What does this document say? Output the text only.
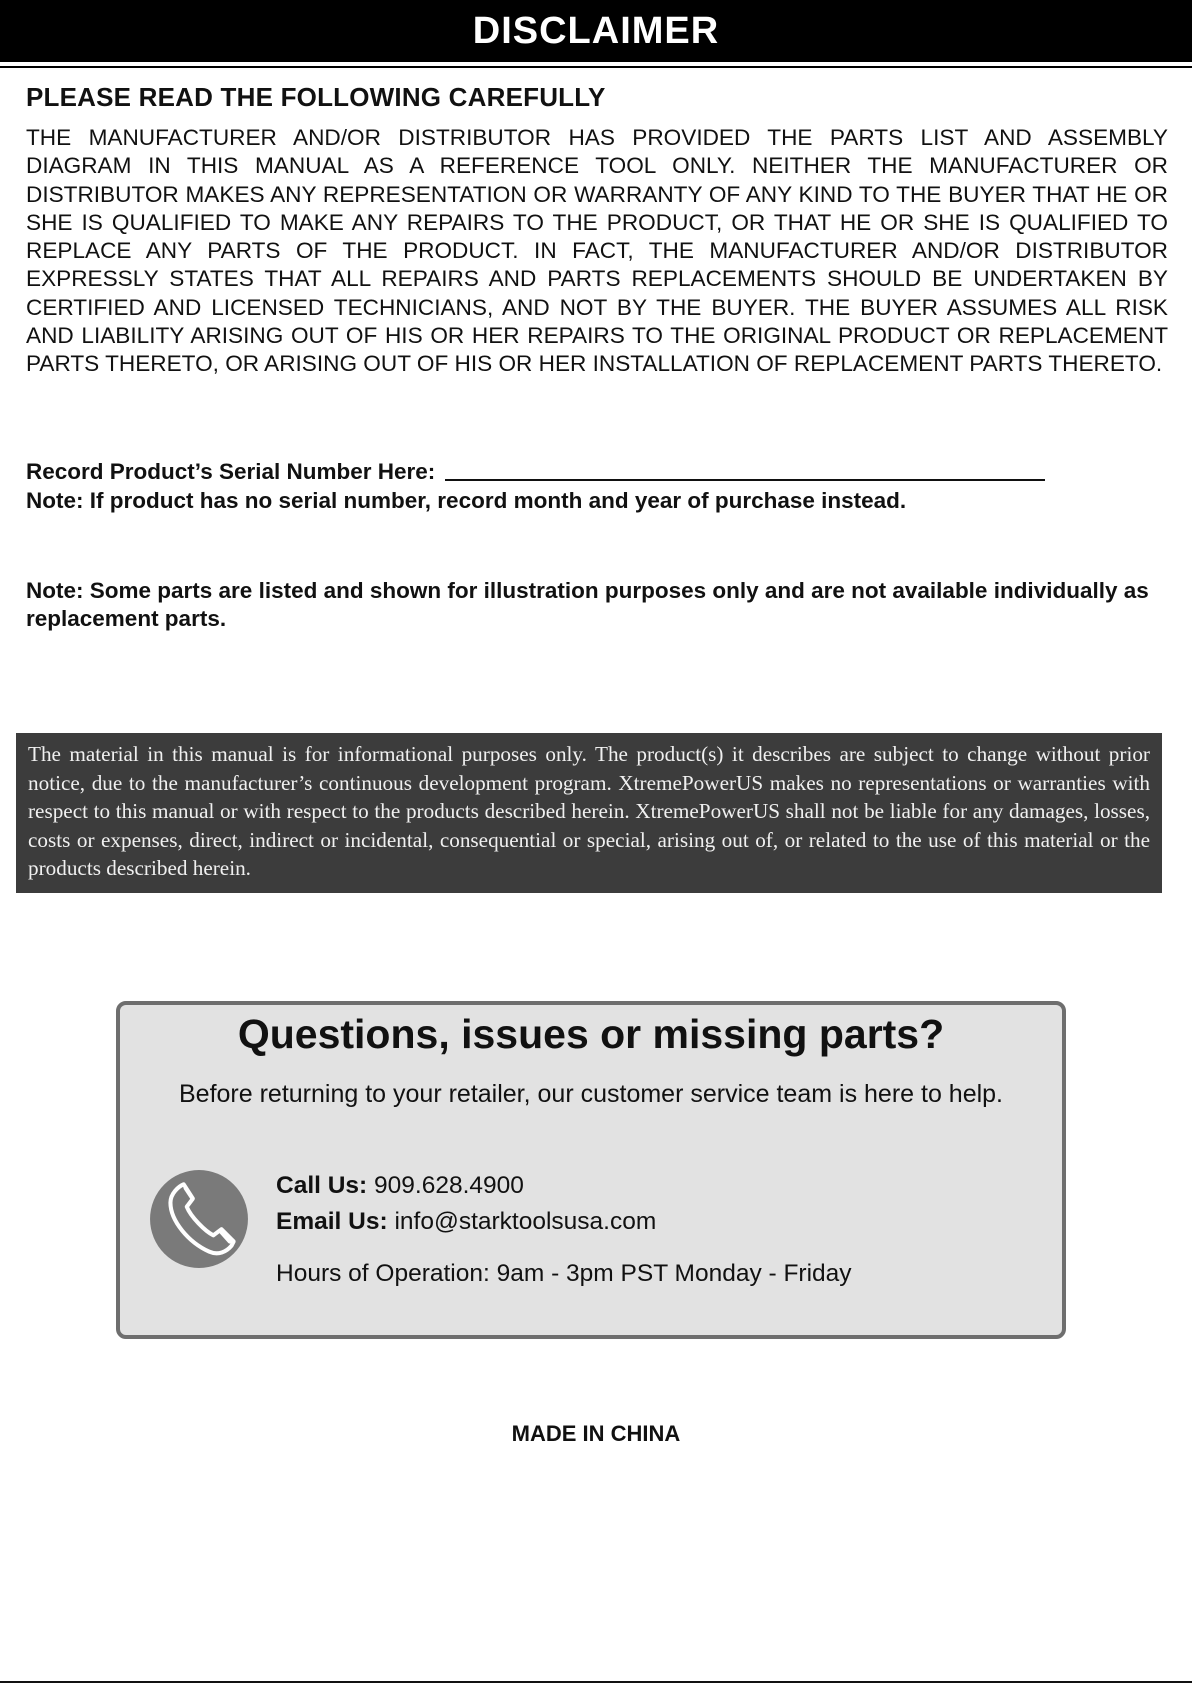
DISCLAIMER
PLEASE READ THE FOLLOWING CAREFULLY
THE MANUFACTURER AND/OR DISTRIBUTOR HAS PROVIDED THE PARTS LIST AND ASSEMBLY DIAGRAM IN THIS MANUAL AS A REFERENCE TOOL ONLY. NEITHER THE MANUFACTURER OR DISTRIBUTOR MAKES ANY REPRESENTATION OR WARRANTY OF ANY KIND TO THE BUYER THAT HE OR SHE IS QUALIFIED TO MAKE ANY REPAIRS TO THE PRODUCT, OR THAT HE OR SHE IS QUALIFIED TO REPLACE ANY PARTS OF THE PRODUCT. IN FACT, THE MANUFACTURER AND/OR DISTRIBUTOR EXPRESSLY STATES THAT ALL REPAIRS AND PARTS REPLACEMENTS SHOULD BE UNDERTAKEN BY CERTIFIED AND LICENSED TECHNICIANS, AND NOT BY THE BUYER. THE BUYER ASSUMES ALL RISK AND LIABILITY ARISING OUT OF HIS OR HER REPAIRS TO THE ORIGINAL PRODUCT OR REPLACEMENT PARTS THERETO, OR ARISING OUT OF HIS OR HER INSTALLATION OF REPLACEMENT PARTS THERETO.
Record Product’s Serial Number Here:
Note: If product has no serial number, record month and year of purchase instead.
Note: Some parts are listed and shown for illustration purposes only and are not available individually as replacement parts.
The material in this manual is for informational purposes only. The product(s) it describes are subject to change without prior notice, due to the manufacturer’s continuous development program. XtremePowerUS makes no representations or warranties with respect to this manual or with respect to the products described herein. XtremePowerUS shall not be liable for any damages, losses, costs or expenses, direct, indirect or incidental, consequential or special, arising out of, or related to the use of this material or the products described herein.
Questions, issues or missing parts?
Before returning to your retailer, our customer service team is here to help.
Call Us: 909.628.4900
Email Us: info@starktoolsusa.com
Hours of Operation: 9am - 3pm PST Monday - Friday
MADE IN CHINA
